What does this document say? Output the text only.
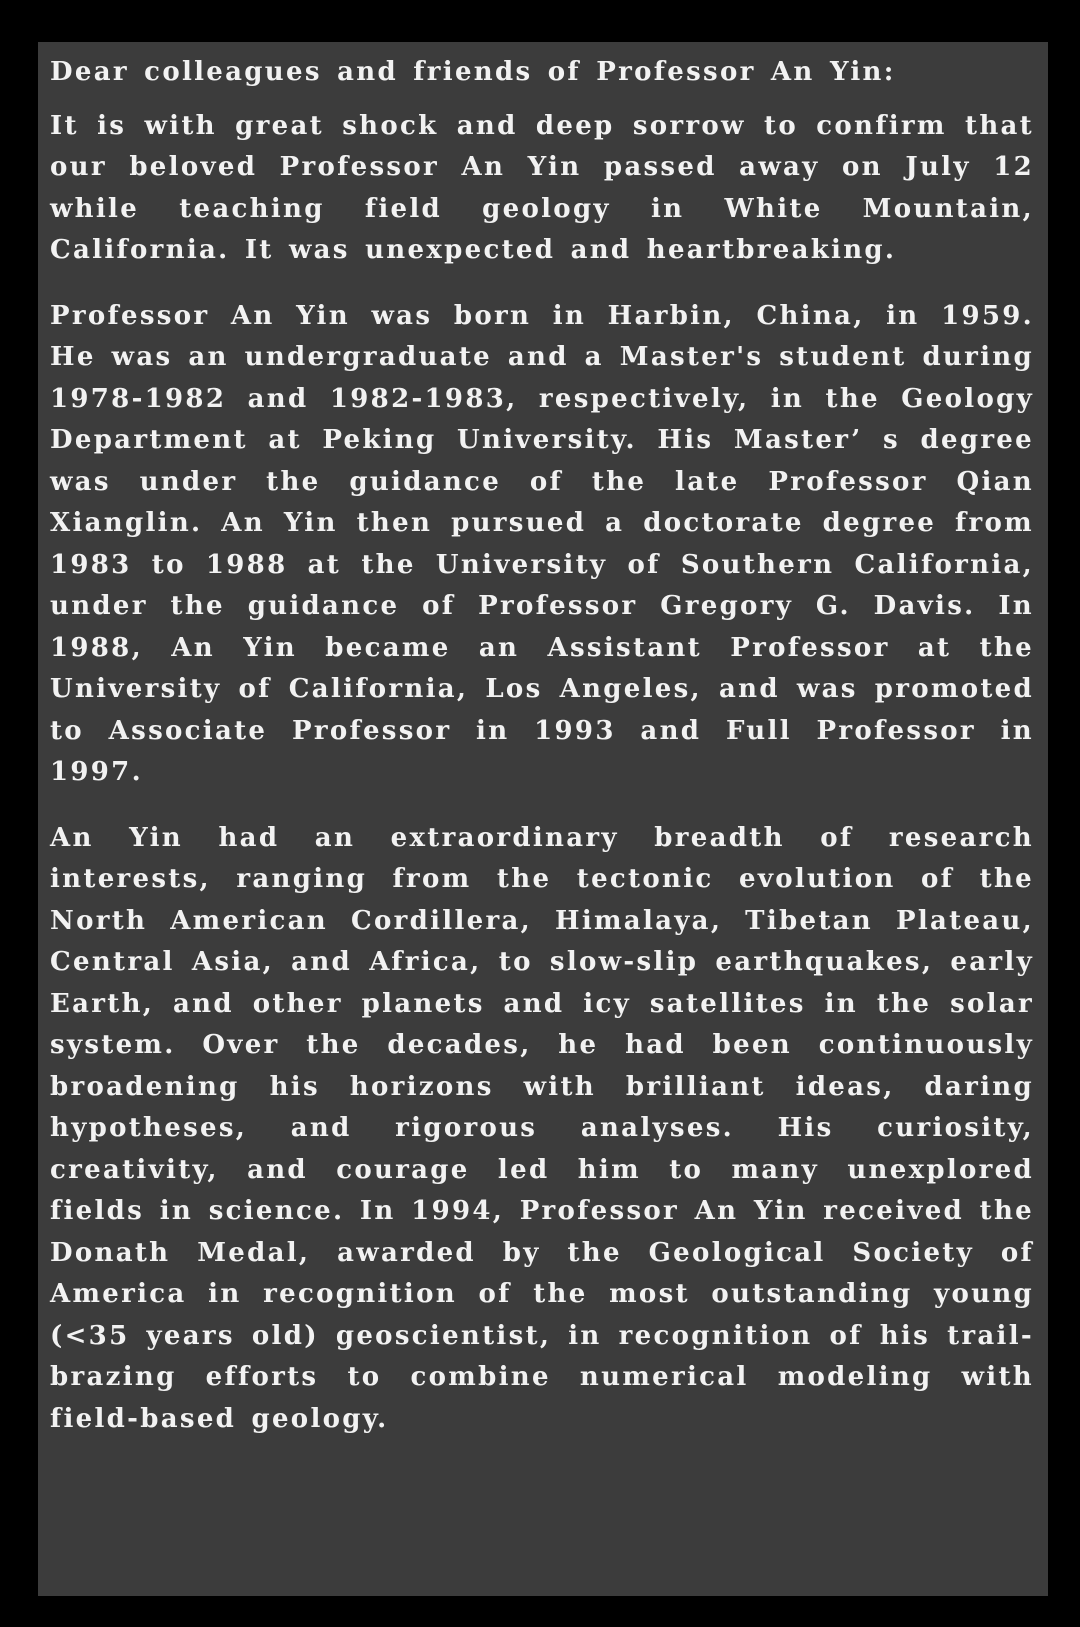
Dear colleagues and friends of Professor An Yin:

It is with great shock and deep sorrow to confirm that our beloved Professor An Yin passed away on July 12 while teaching field geology in White Mountain, California. It was unexpected and heartbreaking.

Professor An Yin was born in Harbin, China, in 1959. He was an undergraduate and a Master's student during 1978-1982 and 1982-1983, respectively, in the Geology Department at Peking University. His Master’ s degree was under the guidance of the late Professor Qian Xianglin. An Yin then pursued a doctorate degree from 1983 to 1988 at the University of Southern California, under the guidance of Professor Gregory G. Davis. In 1988, An Yin became an Assistant Professor at the University of California, Los Angeles, and was promoted to Associate Professor in 1993 and Full Professor in 1997.

An Yin had an extraordinary breadth of research interests, ranging from the tectonic evolution of the North American Cordillera, Himalaya, Tibetan Plateau, Central Asia, and Africa, to slow-slip earthquakes, early Earth, and other planets and icy satellites in the solar system. Over the decades, he had been continuously broadening his horizons with brilliant ideas, daring hypotheses, and rigorous analyses. His curiosity, creativity, and courage led him to many unexplored fields in science. In 1994, Professor An Yin received the Donath Medal, awarded by the Geological Society of America in recognition of the most outstanding young (<35 years old) geoscientist, in recognition of his trail-brazing efforts to combine numerical modeling with field-based geology.
